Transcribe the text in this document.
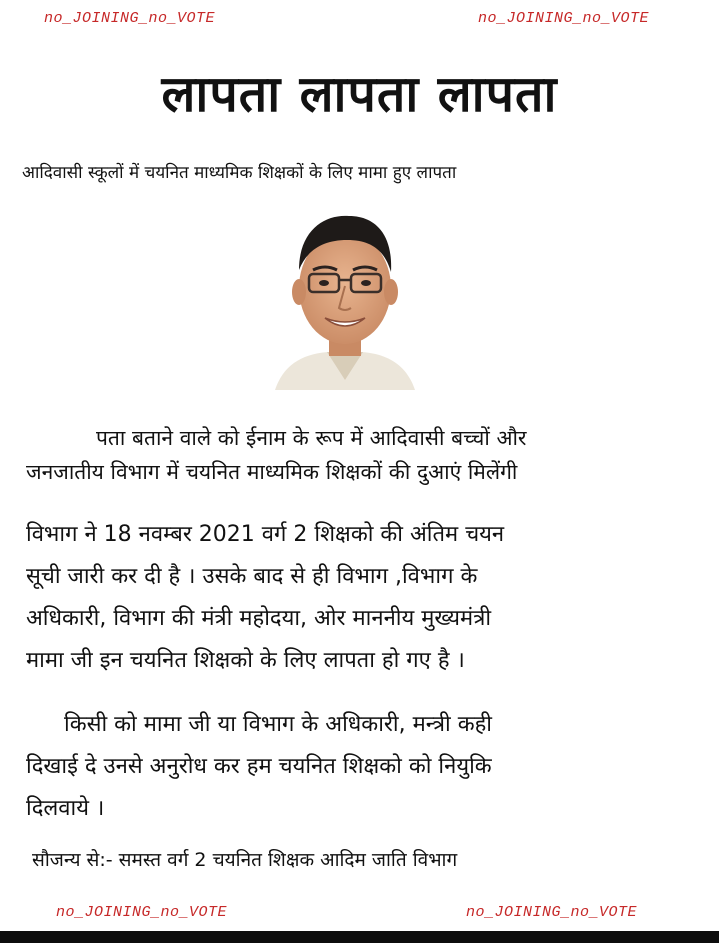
no_JOINING_no_VOTE	no_JOINING_no_VOTE
लापता लापता लापता
आदिवासी स्कूलों में चयनित माध्यमिक शिक्षकों के लिए मामा हुए लापता
पता बताने वाले को ईनाम के रूप में आदिवासी बच्चों और
जनजातीय विभाग में चयनित माध्यमिक शिक्षकों की दुआएं मिलेंगी
विभाग ने 18 नवम्बर 2021 वर्ग 2 शिक्षको की अंतिम चयन
सूची जारी कर दी है । उसके बाद से ही विभाग ,विभाग के
अधिकारी, विभाग की मंत्री महोदया, ओर माननीय मुख्यमंत्री
मामा जी इन चयनित शिक्षको के लिए लापता हो गए है ।
किसी को मामा जी या विभाग के अधिकारी, मन्त्री कही
दिखाई दे उनसे अनुरोध कर हम चयनित शिक्षको को नियुकि
दिलवाये ।
सौजन्य से:- समस्त वर्ग 2 चयनित शिक्षक आदिम जाति विभाग
no_JOINING_no_VOTE	no_JOINING_no_VOTE
